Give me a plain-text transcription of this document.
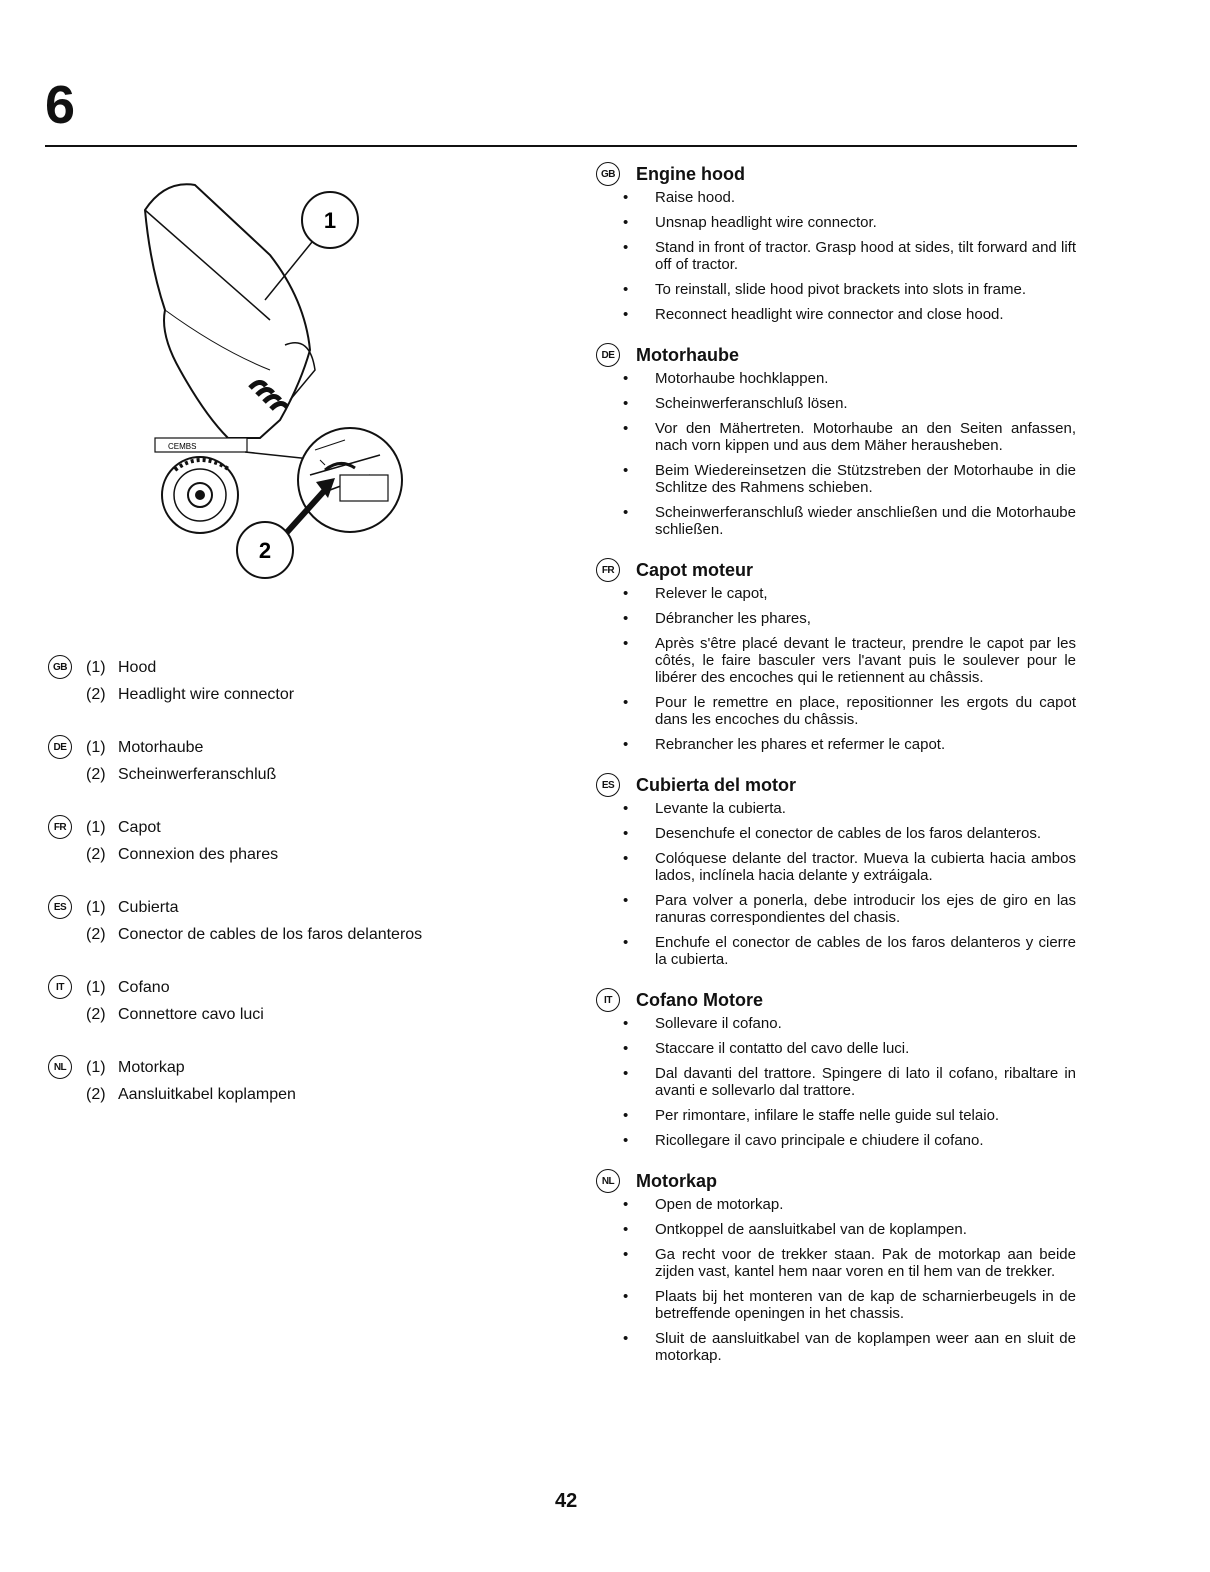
6
CEMBS
1
2
GB	(1) Hood
(2) Headlight wire connector
DE	(1) Motorhaube
(2) Scheinwerferanschluß
FR	(1) Capot
(2) Connexion des phares
ES	(1) Cubierta
(2) Conector de cables de los faros delanteros
IT	(1) Cofano
(2) Connettore cavo luci
NL	(1) Motorkap
(2) Aansluitkabel koplampen
GB Engine hood
• Raise hood.
• Unsnap headlight wire connector.
• Stand in front of tractor. Grasp hood at sides, tilt forward and lift off of tractor.
• To reinstall, slide hood pivot brackets into slots in frame.
• Reconnect headlight wire connector and close hood.
DE	Motorhaube
• Motorhaube hochklappen.
• Scheinwerferanschluß lösen.
• Vor den Mähertreten. Motorhaube an den Seiten anfassen, nach vorn kippen und aus dem Mäher herausheben.
• Beim Wiedereinsetzen die Stützstreben der Motorhaube in die Schlitze des Rahmens schieben.
• Scheinwerferanschluß wieder anschließen und die Motorhaube schließen.
FR	Capot moteur
• Relever le capot,
• Débrancher les phares,
• Après s'être placé devant le tracteur, prendre le capot par les côtés, le faire basculer vers l'avant puis le soulever pour le libérer des encoches qui le retiennent au châssis.
• Pour le remettre en place, repositionner les ergots du capot dans les encoches du châssis.
• Rebrancher les phares et refermer le capot.
ES	Cubierta del motor
• Levante la cubierta.
• Desenchufe el conector de cables de los faros delanteros.
• Colóquese delante del tractor. Mueva la cubierta hacia ambos lados, inclínela hacia delante y extráigala.
• Para volver a ponerla, debe introducir los ejes de giro en las ranuras correspondientes del chasis.
• Enchufe el conector de cables de los faros delanteros y cierre la cubierta.
IT	Cofano Motore
• Sollevare il cofano.
• Staccare il contatto del cavo delle luci.
• Dal davanti del trattore. Spingere di lato il cofano, ribaltare in avanti e sollevarlo dal trattore.
• Per rimontare, infilare le staffe nelle guide sul telaio.
• Ricollegare il cavo principale e chiudere il cofano.
NL	Motorkap
• Open de motorkap.
• Ontkoppel de aansluitkabel van de koplampen.
• Ga recht voor de trekker staan. Pak de motorkap aan beide zijden vast, kantel hem naar voren en til hem van de trekker.
• Plaats bij het monteren van de kap de scharnierbeugels in de betreffende openingen in het chassis.
• Sluit de aansluitkabel van de koplampen weer aan en sluit de motorkap.
42
